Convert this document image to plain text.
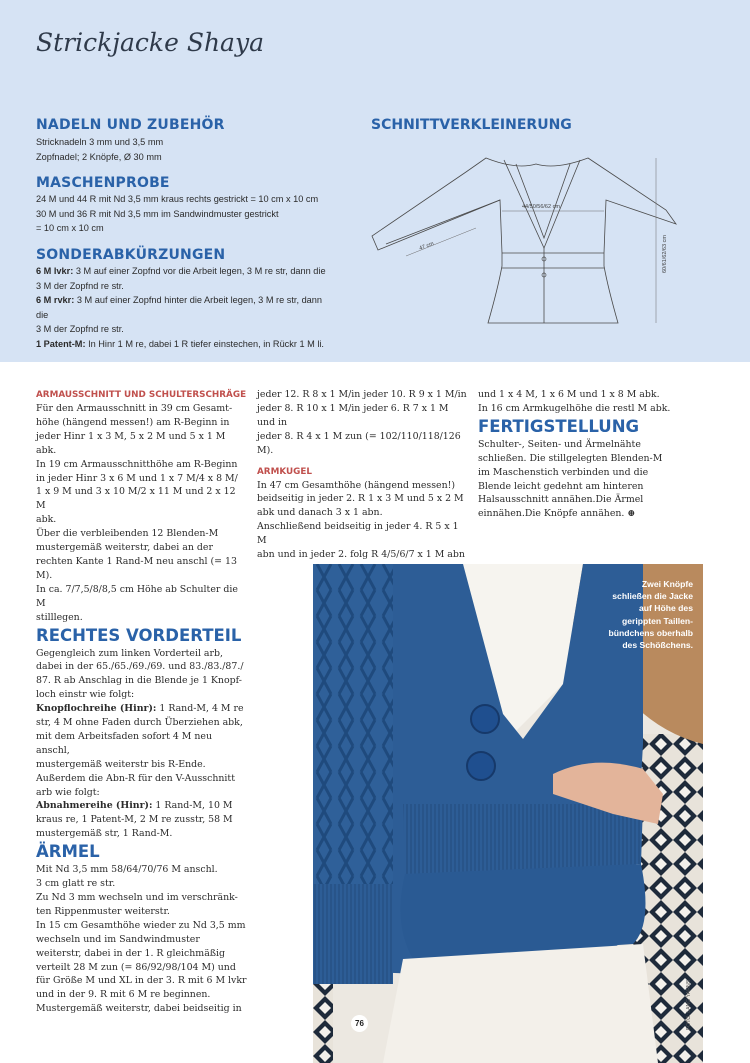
Strickjacke Shaya
NADELN UND ZUBEHÖR
Stricknadeln 3 mm und 3,5 mm
Zopfnadel; 2 Knöpfe, Ø 30 mm
MASCHENPROBE
24 M und 44 R mit Nd 3,5 mm kraus rechts gestrickt = 10 cm x 10 cm
30 M und 36 R mit Nd 3,5 mm im Sandwindmuster gestrickt
= 10 cm x 10 cm
SONDERABKÜRZUNGEN
6 M lvkr: 3 M auf einer Zopfnd vor die Arbeit legen, 3 M re str, dann die
3 M der Zopfnd re str.
6 M rvkr: 3 M auf einer Zopfnd hinter die Arbeit legen, 3 M re str, dann die
3 M der Zopfnd re str.
1 Patent-M: In Hinr 1 M re, dabei 1 R tiefer einstechen, in Rückr 1 M li.
SCHNITTVERKLEINERUNG
44/50/56/62 cm
47 cm	60/61/62/63 cm

ARMAUSSCHNITT UND SCHULTERSCHRÄGE

Für den Armausschnitt in 39 cm Gesamt-

höhe (hängend messen!) am R-Beginn in

jeder Hinr 1 x 3 M, 5 x 2 M und 5 x 1 M abk.

In 19 cm Armausschnitthöhe am R-Beginn

in jeder Hinr 3 x 6 M und 1 x 7 M/4 x 8 M/

1 x 9 M und 3 x 10 M/2 x 11 M und 2 x 12 M

abk.

Über die verbleibenden 12 Blenden-M

mustergemäß weiterstr, dabei an der

rechten Kante 1 Rand-M neu anschl (= 13 M).

In ca. 7/7,5/8/8,5 cm Höhe ab Schulter die M

stilllegen.

RECHTES VORDERTEIL

Gegengleich zum linken Vorderteil arb,

dabei in der 65./65./69./69. und 83./83./87./

87. R ab Anschlag in die Blende je 1 Knopf-

loch einstr wie folgt:

Knopflochreihe (Hinr): 1 Rand-M, 4 M re

str, 4 M ohne Faden durch Überziehen abk,

mit dem Arbeitsfaden sofort 4 M neu anschl,

mustergemäß weiterstr bis R-Ende.

Außerdem die Abn-R für den V-Ausschnitt

arb wie folgt:

Abnahmereihe (Hinr): 1 Rand-M, 10 M

kraus re, 1 Patent-M, 2 M re zusstr, 58 M

mustergemäß str, 1 Rand-M.

ÄRMEL

Mit Nd 3,5 mm 58/64/70/76 M anschl.

3 cm glatt re str.

Zu Nd 3 mm wechseln und im verschränk-

ten Rippenmuster weiterstr.

In 15 cm Gesamthöhe wieder zu Nd 3,5 mm

wechseln und im Sandwindmuster

weiterstr, dabei in der 1. R gleichmäßig

verteilt 28 M zun (= 86/92/98/104 M) und

für Größe M und XL in der 3. R mit 6 M lvkr

und in der 9. R mit 6 M re beginnen.

Mustergemäß weiterstr, dabei beidseitig in

jeder 12. R 8 x 1 M/in jeder 10. R 9 x 1 M/in

jeder 8. R 10 x 1 M/in jeder 6. R 7 x 1 M und in

jeder 8. R 4 x 1 M zun (= 102/110/118/126 M).

ARMKUGEL

In 47 cm Gesamthöhe (hängend messen!)

beidseitig in jeder 2. R 1 x 3 M und 5 x 2 M

abk und danach 3 x 1 abn.

Anschließend beidseitig in jeder 4. R 5 x 1 M

abn und in jeder 2. folg R 4/5/6/7 x 1 M abn

und 1 x 4 M, 1 x 6 M und 1 x 8 M abk.

In 16 cm Armkugelhöhe die restl M abk.

FERTIGSTELLUNG

Schulter-, Seiten- und Ärmelnähte

schließen. Die stillgelegten Blenden-M

im Maschenstich verbinden und die

Blende leicht gedehnt am hinteren

Halsausschnitt annähen.Die Ärmel

einnähen.Die Knöpfe annähen. ⊕

Zwei Knöpfe
schließen die Jacke
auf Höhe des
gerippten Taillen-
bündchens oberhalb
des Schößchens.
FOTO: LANG YARNS
76
